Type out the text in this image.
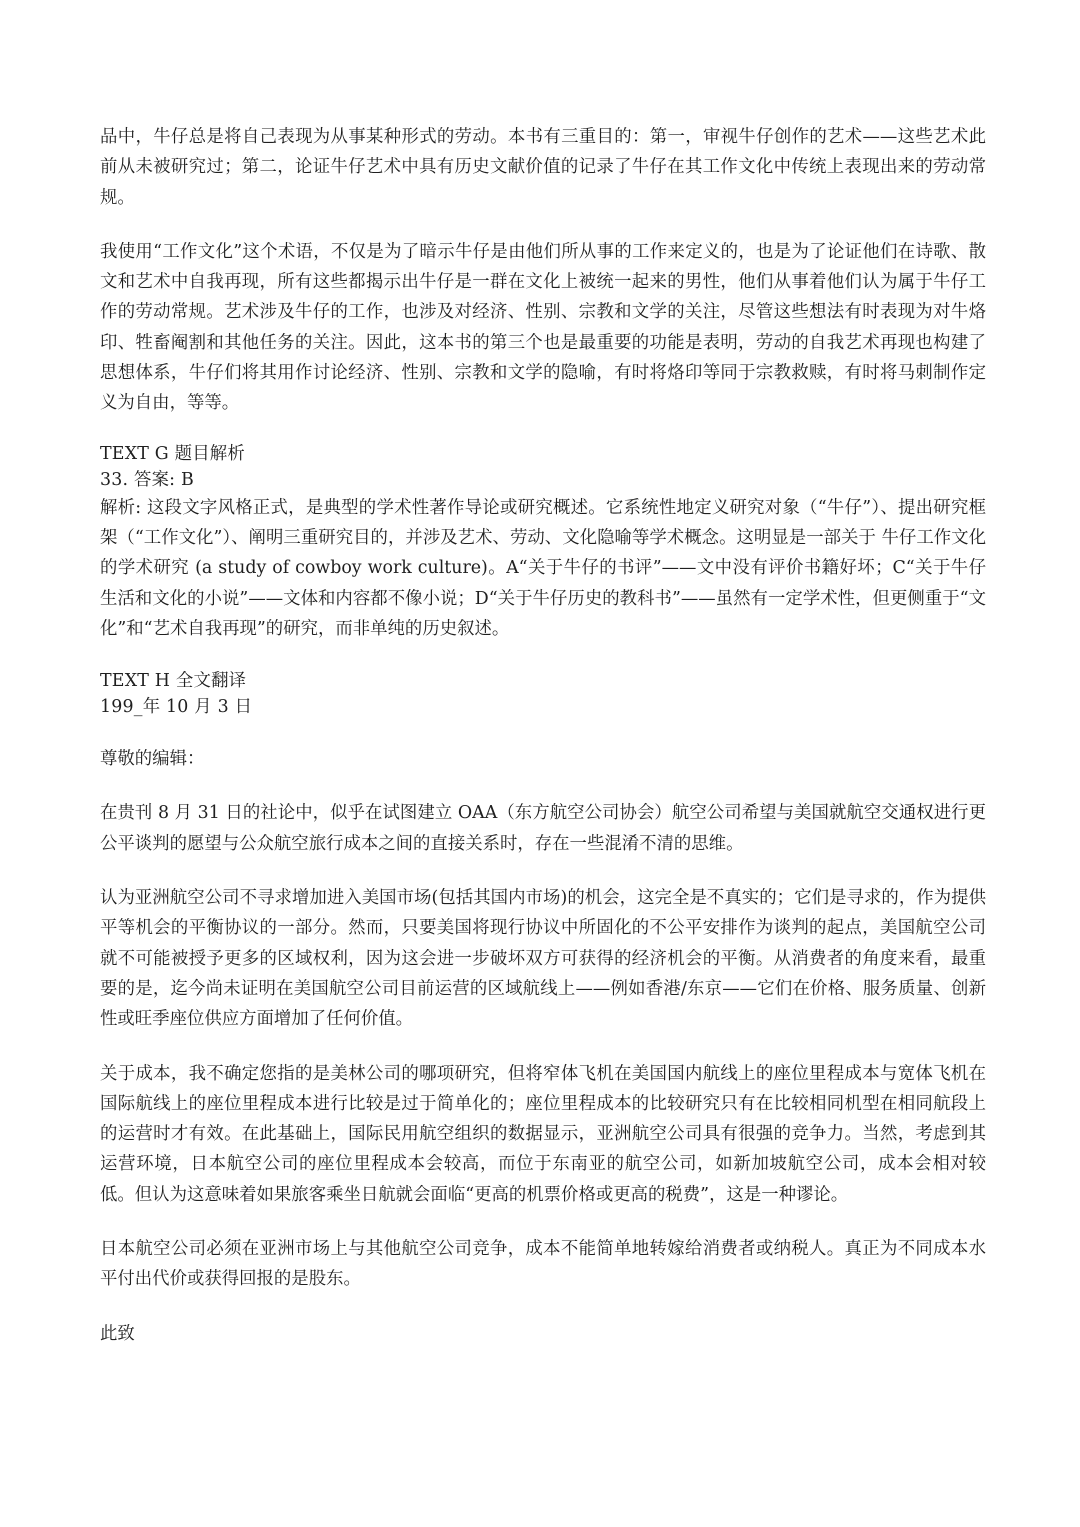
品中，牛仔总是将自己表现为从事某种形式的劳动。本书有三重目的：第一，审视牛仔创作的艺术——这些艺术此前从未被研究过；第二，论证牛仔艺术中具有历史文献价值的记录了牛仔在其工作文化中传统上表现出来的劳动常规。

我使用“工作文化”这个术语，不仅是为了暗示牛仔是由他们所从事的工作来定义的，也是为了论证他们在诗歌、散文和艺术中自我再现，所有这些都揭示出牛仔是一群在文化上被统一起来的男性，他们从事着他们认为属于牛仔工作的劳动常规。艺术涉及牛仔的工作，也涉及对经济、性别、宗教和文学的关注，尽管这些想法有时表现为对牛烙印、牲畜阉割和其他任务的关注。因此，这本书的第三个也是最重要的功能是表明，劳动的自我艺术再现也构建了思想体系，牛仔们将其用作讨论经济、性别、宗教和文学的隐喻，有时将烙印等同于宗教救赎，有时将马刺制作定义为自由，等等。

TEXT G 题目解析
33. 答案: B

解析: 这段文字风格正式，是典型的学术性著作导论或研究概述。它系统性地定义研究对象（“牛仔”）、提出研究框架（“工作文化”）、阐明三重研究目的，并涉及艺术、劳动、文化隐喻等学术概念。这明显是一部关于 牛仔工作文化的学术研究 (a study of cowboy work culture)。A“关于牛仔的书评”——文中没有评价书籍好坏；C“关于牛仔生活和文化的小说”——文体和内容都不像小说；D“关于牛仔历史的教科书”——虽然有一定学术性，但更侧重于“文化”和“艺术自我再现”的研究，而非单纯的历史叙述。

TEXT H 全文翻译
199_年 10 月 3 日

尊敬的编辑：

在贵刊 8 月 31 日的社论中，似乎在试图建立 OAA（东方航空公司协会）航空公司希望与美国就航空交通权进行更公平谈判的愿望与公众航空旅行成本之间的直接关系时，存在一些混淆不清的思维。

认为亚洲航空公司不寻求增加进入美国市场(包括其国内市场)的机会，这完全是不真实的；它们是寻求的，作为提供平等机会的平衡协议的一部分。然而，只要美国将现行协议中所固化的不公平安排作为谈判的起点，美国航空公司就不可能被授予更多的区域权利，因为这会进一步破坏双方可获得的经济机会的平衡。从消费者的角度来看，最重要的是，迄今尚未证明在美国航空公司目前运营的区域航线上——例如香港/东京——它们在价格、服务质量、创新性或旺季座位供应方面增加了任何价值。

关于成本，我不确定您指的是美林公司的哪项研究，但将窄体飞机在美国国内航线上的座位里程成本与宽体飞机在国际航线上的座位里程成本进行比较是过于简单化的；座位里程成本的比较研究只有在比较相同机型在相同航段上的运营时才有效。在此基础上，国际民用航空组织的数据显示，亚洲航空公司具有很强的竞争力。当然，考虑到其运营环境，日本航空公司的座位里程成本会较高，而位于东南亚的航空公司，如新加坡航空公司，成本会相对较低。但认为这意味着如果旅客乘坐日航就会面临“更高的机票价格或更高的税费”，这是一种谬论。

日本航空公司必须在亚洲市场上与其他航空公司竞争，成本不能简单地转嫁给消费者或纳税人。真正为不同成本水平付出代价或获得回报的是股东。

此致
